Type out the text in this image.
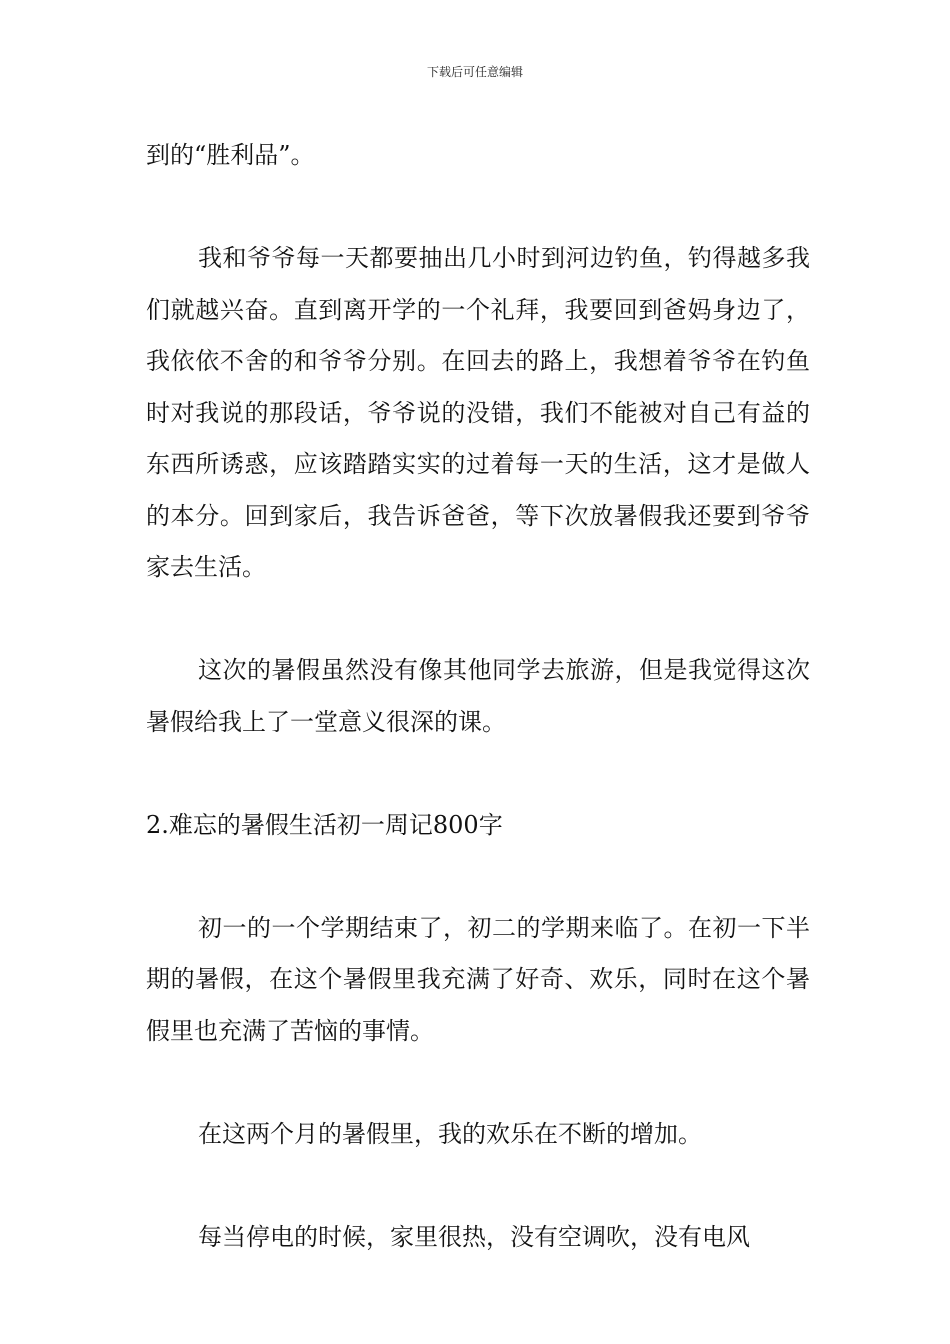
下载后可任意编辑

到的“胜利品”。

我和爷爷每一天都要抽出几小时到河边钓鱼，钓得越多我们就越兴奋。直到离开学的一个礼拜，我要回到爸妈身边了，我依依不舍的和爷爷分别。在回去的路上，我想着爷爷在钓鱼时对我说的那段话，爷爷说的没错，我们不能被对自己有益的东西所诱惑，应该踏踏实实的过着每一天的生活，这才是做人的本分。回到家后，我告诉爸爸，等下次放暑假我还要到爷爷家去生活。

这次的暑假虽然没有像其他同学去旅游，但是我觉得这次暑假给我上了一堂意义很深的课。

2.难忘的暑假生活初一周记800字

初一的一个学期结束了，初二的学期来临了。在初一下半期的暑假，在这个暑假里我充满了好奇、欢乐，同时在这个暑假里也充满了苦恼的事情。

在这两个月的暑假里，我的欢乐在不断的增加。

每当停电的时候，家里很热，没有空调吹，没有电风
